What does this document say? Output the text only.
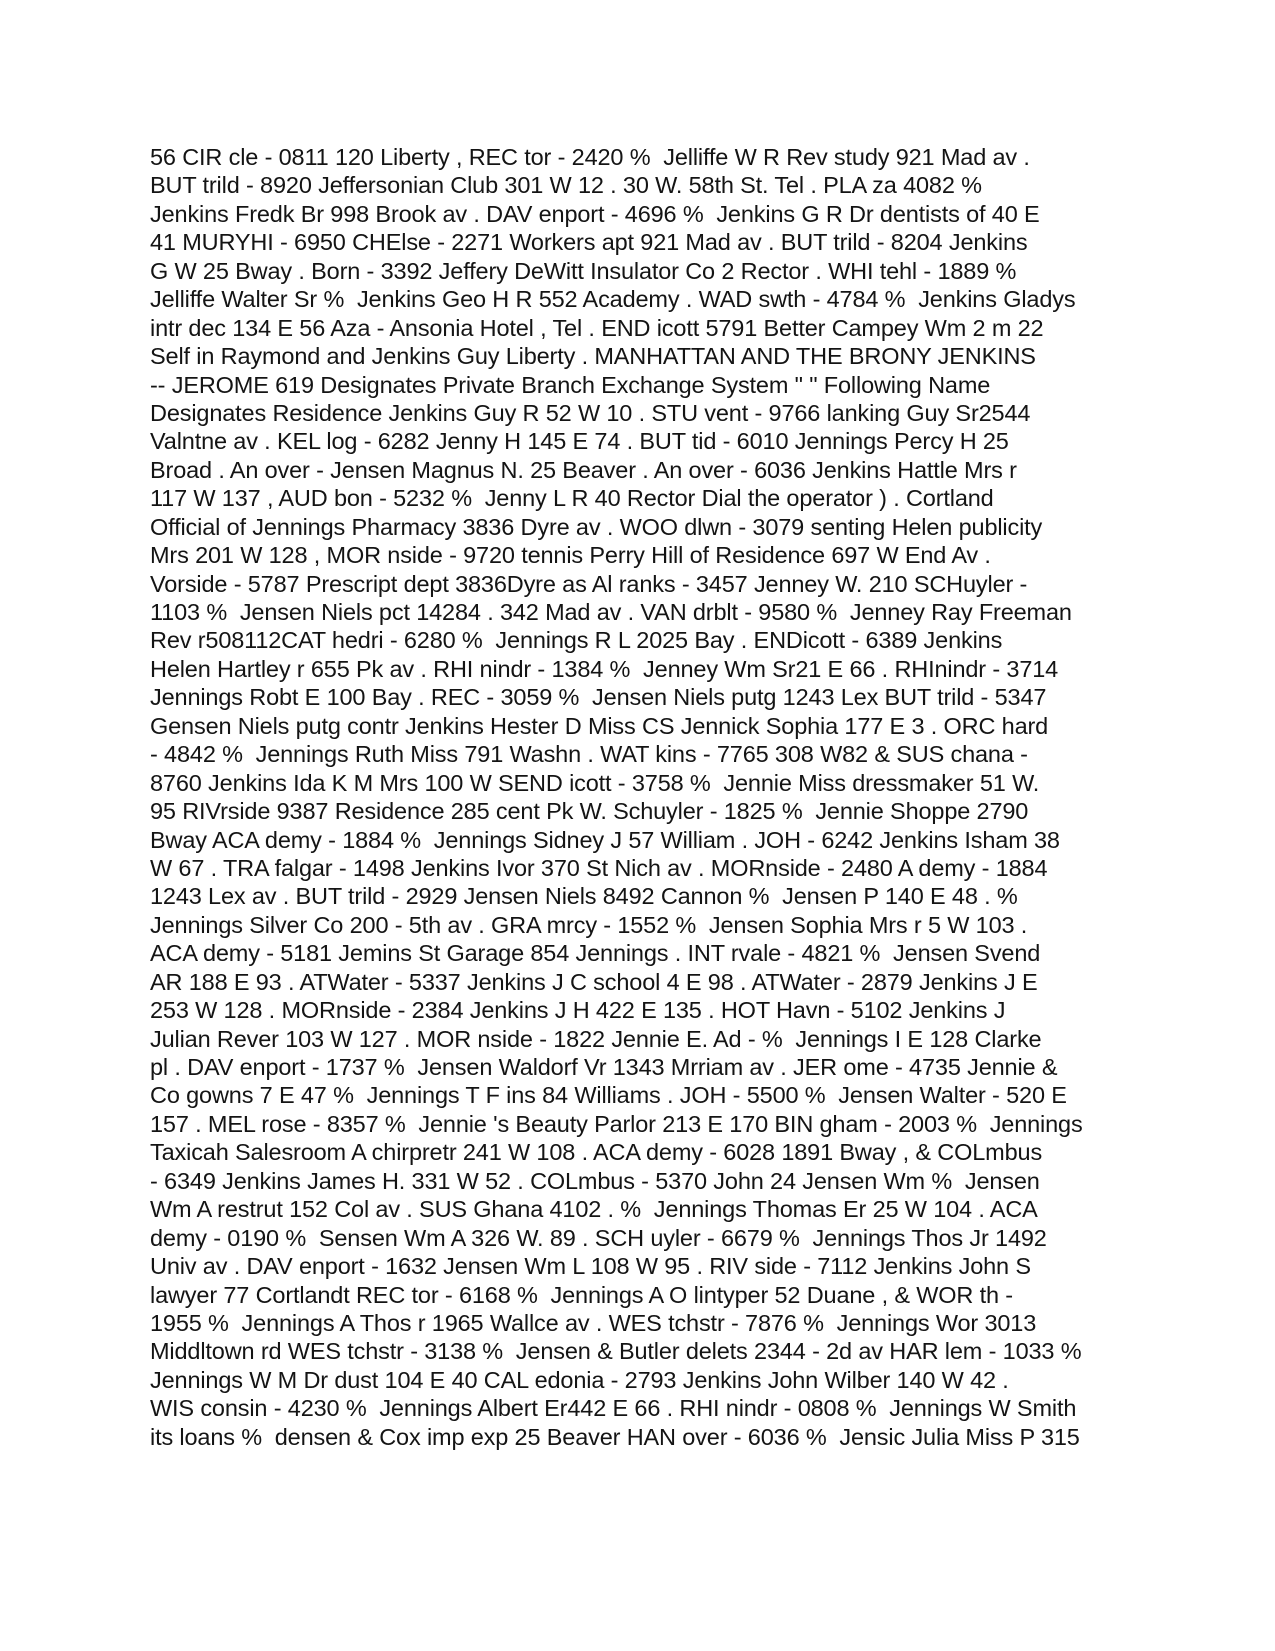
56 CIR cle - 0811 120 Liberty , REC tor - 2420 %  Jelliffe W R Rev study 921 Mad av .
BUT trild - 8920 Jeffersonian Club 301 W 12 . 30 W. 58th St. Tel . PLA za 4082 %
Jenkins Fredk Br 998 Brook av . DAV enport - 4696 %  Jenkins G R Dr dentists of 40 E
41 MURYHI - 6950 CHElse - 2271 Workers apt 921 Mad av . BUT trild - 8204 Jenkins
G W 25 Bway . Born - 3392 Jeffery DeWitt Insulator Co 2 Rector . WHI tehl - 1889 %
Jelliffe Walter Sr %  Jenkins Geo H R 552 Academy . WAD swth - 4784 %  Jenkins Gladys
intr dec 134 E 56 Aza - Ansonia Hotel , Tel . END icott 5791 Better Campey Wm 2 m 22
Self in Raymond and Jenkins Guy Liberty . MANHATTAN AND THE BRONY JENKINS
-- JEROME 619 Designates Private Branch Exchange System " " Following Name
Designates Residence Jenkins Guy R 52 W 10 . STU vent - 9766 lanking Guy Sr2544
Valntne av . KEL log - 6282 Jenny H 145 E 74 . BUT tid - 6010 Jennings Percy H 25
Broad . An over - Jensen Magnus N. 25 Beaver . An over - 6036 Jenkins Hattle Mrs r
117 W 137 , AUD bon - 5232 %  Jenny L R 40 Rector Dial the operator ) . Cortland
Official of Jennings Pharmacy 3836 Dyre av . WOO dlwn - 3079 senting Helen publicity
Mrs 201 W 128 , MOR nside - 9720 tennis Perry Hill of Residence 697 W End Av .
Vorside - 5787 Prescript dept 3836Dyre as Al ranks - 3457 Jenney W. 210 SCHuyler -
1103 %  Jensen Niels pct 14284 . 342 Mad av . VAN drblt - 9580 %  Jenney Ray Freeman
Rev r508112CAT hedri - 6280 %  Jennings R L 2025 Bay . ENDicott - 6389 Jenkins
Helen Hartley r 655 Pk av . RHI nindr - 1384 %  Jenney Wm Sr21 E 66 . RHInindr - 3714
Jennings Robt E 100 Bay . REC - 3059 %  Jensen Niels putg 1243 Lex BUT trild - 5347
Gensen Niels putg contr Jenkins Hester D Miss CS Jennick Sophia 177 E 3 . ORC hard
- 4842 %  Jennings Ruth Miss 791 Washn . WAT kins - 7765 308 W82 & SUS chana -
8760 Jenkins Ida K M Mrs 100 W SEND icott - 3758 %  Jennie Miss dressmaker 51 W.
95 RIVrside 9387 Residence 285 cent Pk W. Schuyler - 1825 %  Jennie Shoppe 2790
Bway ACA demy - 1884 %  Jennings Sidney J 57 William . JOH - 6242 Jenkins Isham 38
W 67 . TRA falgar - 1498 Jenkins Ivor 370 St Nich av . MORnside - 2480 A demy - 1884
1243 Lex av . BUT trild - 2929 Jensen Niels 8492 Cannon %  Jensen P 140 E 48 . %
Jennings Silver Co 200 - 5th av . GRA mrcy - 1552 %  Jensen Sophia Mrs r 5 W 103 .
ACA demy - 5181 Jemins St Garage 854 Jennings . INT rvale - 4821 %  Jensen Svend
AR 188 E 93 . ATWater - 5337 Jenkins J C school 4 E 98 . ATWater - 2879 Jenkins J E
253 W 128 . MORnside - 2384 Jenkins J H 422 E 135 . HOT Havn - 5102 Jenkins J
Julian Rever 103 W 127 . MOR nside - 1822 Jennie E. Ad - %  Jennings I E 128 Clarke
pl . DAV enport - 1737 %  Jensen Waldorf Vr 1343 Mrriam av . JER ome - 4735 Jennie &
Co gowns 7 E 47 %  Jennings T F ins 84 Williams . JOH - 5500 %  Jensen Walter - 520 E
157 . MEL rose - 8357 %  Jennie 's Beauty Parlor 213 E 170 BIN gham - 2003 %  Jennings
Taxicah Salesroom A chirpretr 241 W 108 . ACA demy - 6028 1891 Bway , & COLmbus
- 6349 Jenkins James H. 331 W 52 . COLmbus - 5370 John 24 Jensen Wm %  Jensen
Wm A restrut 152 Col av . SUS Ghana 4102 . %  Jennings Thomas Er 25 W 104 . ACA
demy - 0190 %  Sensen Wm A 326 W. 89 . SCH uyler - 6679 %  Jennings Thos Jr 1492
Univ av . DAV enport - 1632 Jensen Wm L 108 W 95 . RIV side - 7112 Jenkins John S
lawyer 77 Cortlandt REC tor - 6168 %  Jennings A O lintyper 52 Duane , & WOR th -
1955 %  Jennings A Thos r 1965 Wallce av . WES tchstr - 7876 %  Jennings Wor 3013
Middltown rd WES tchstr - 3138 %  Jensen & Butler delets 2344 - 2d av HAR lem - 1033 %
Jennings W M Dr dust 104 E 40 CAL edonia - 2793 Jenkins John Wilber 140 W 42 .
WIS consin - 4230 %  Jennings Albert Er442 E 66 . RHI nindr - 0808 %  Jennings W Smith
its loans %  densen & Cox imp exp 25 Beaver HAN over - 6036 %  Jensic Julia Miss P 315
